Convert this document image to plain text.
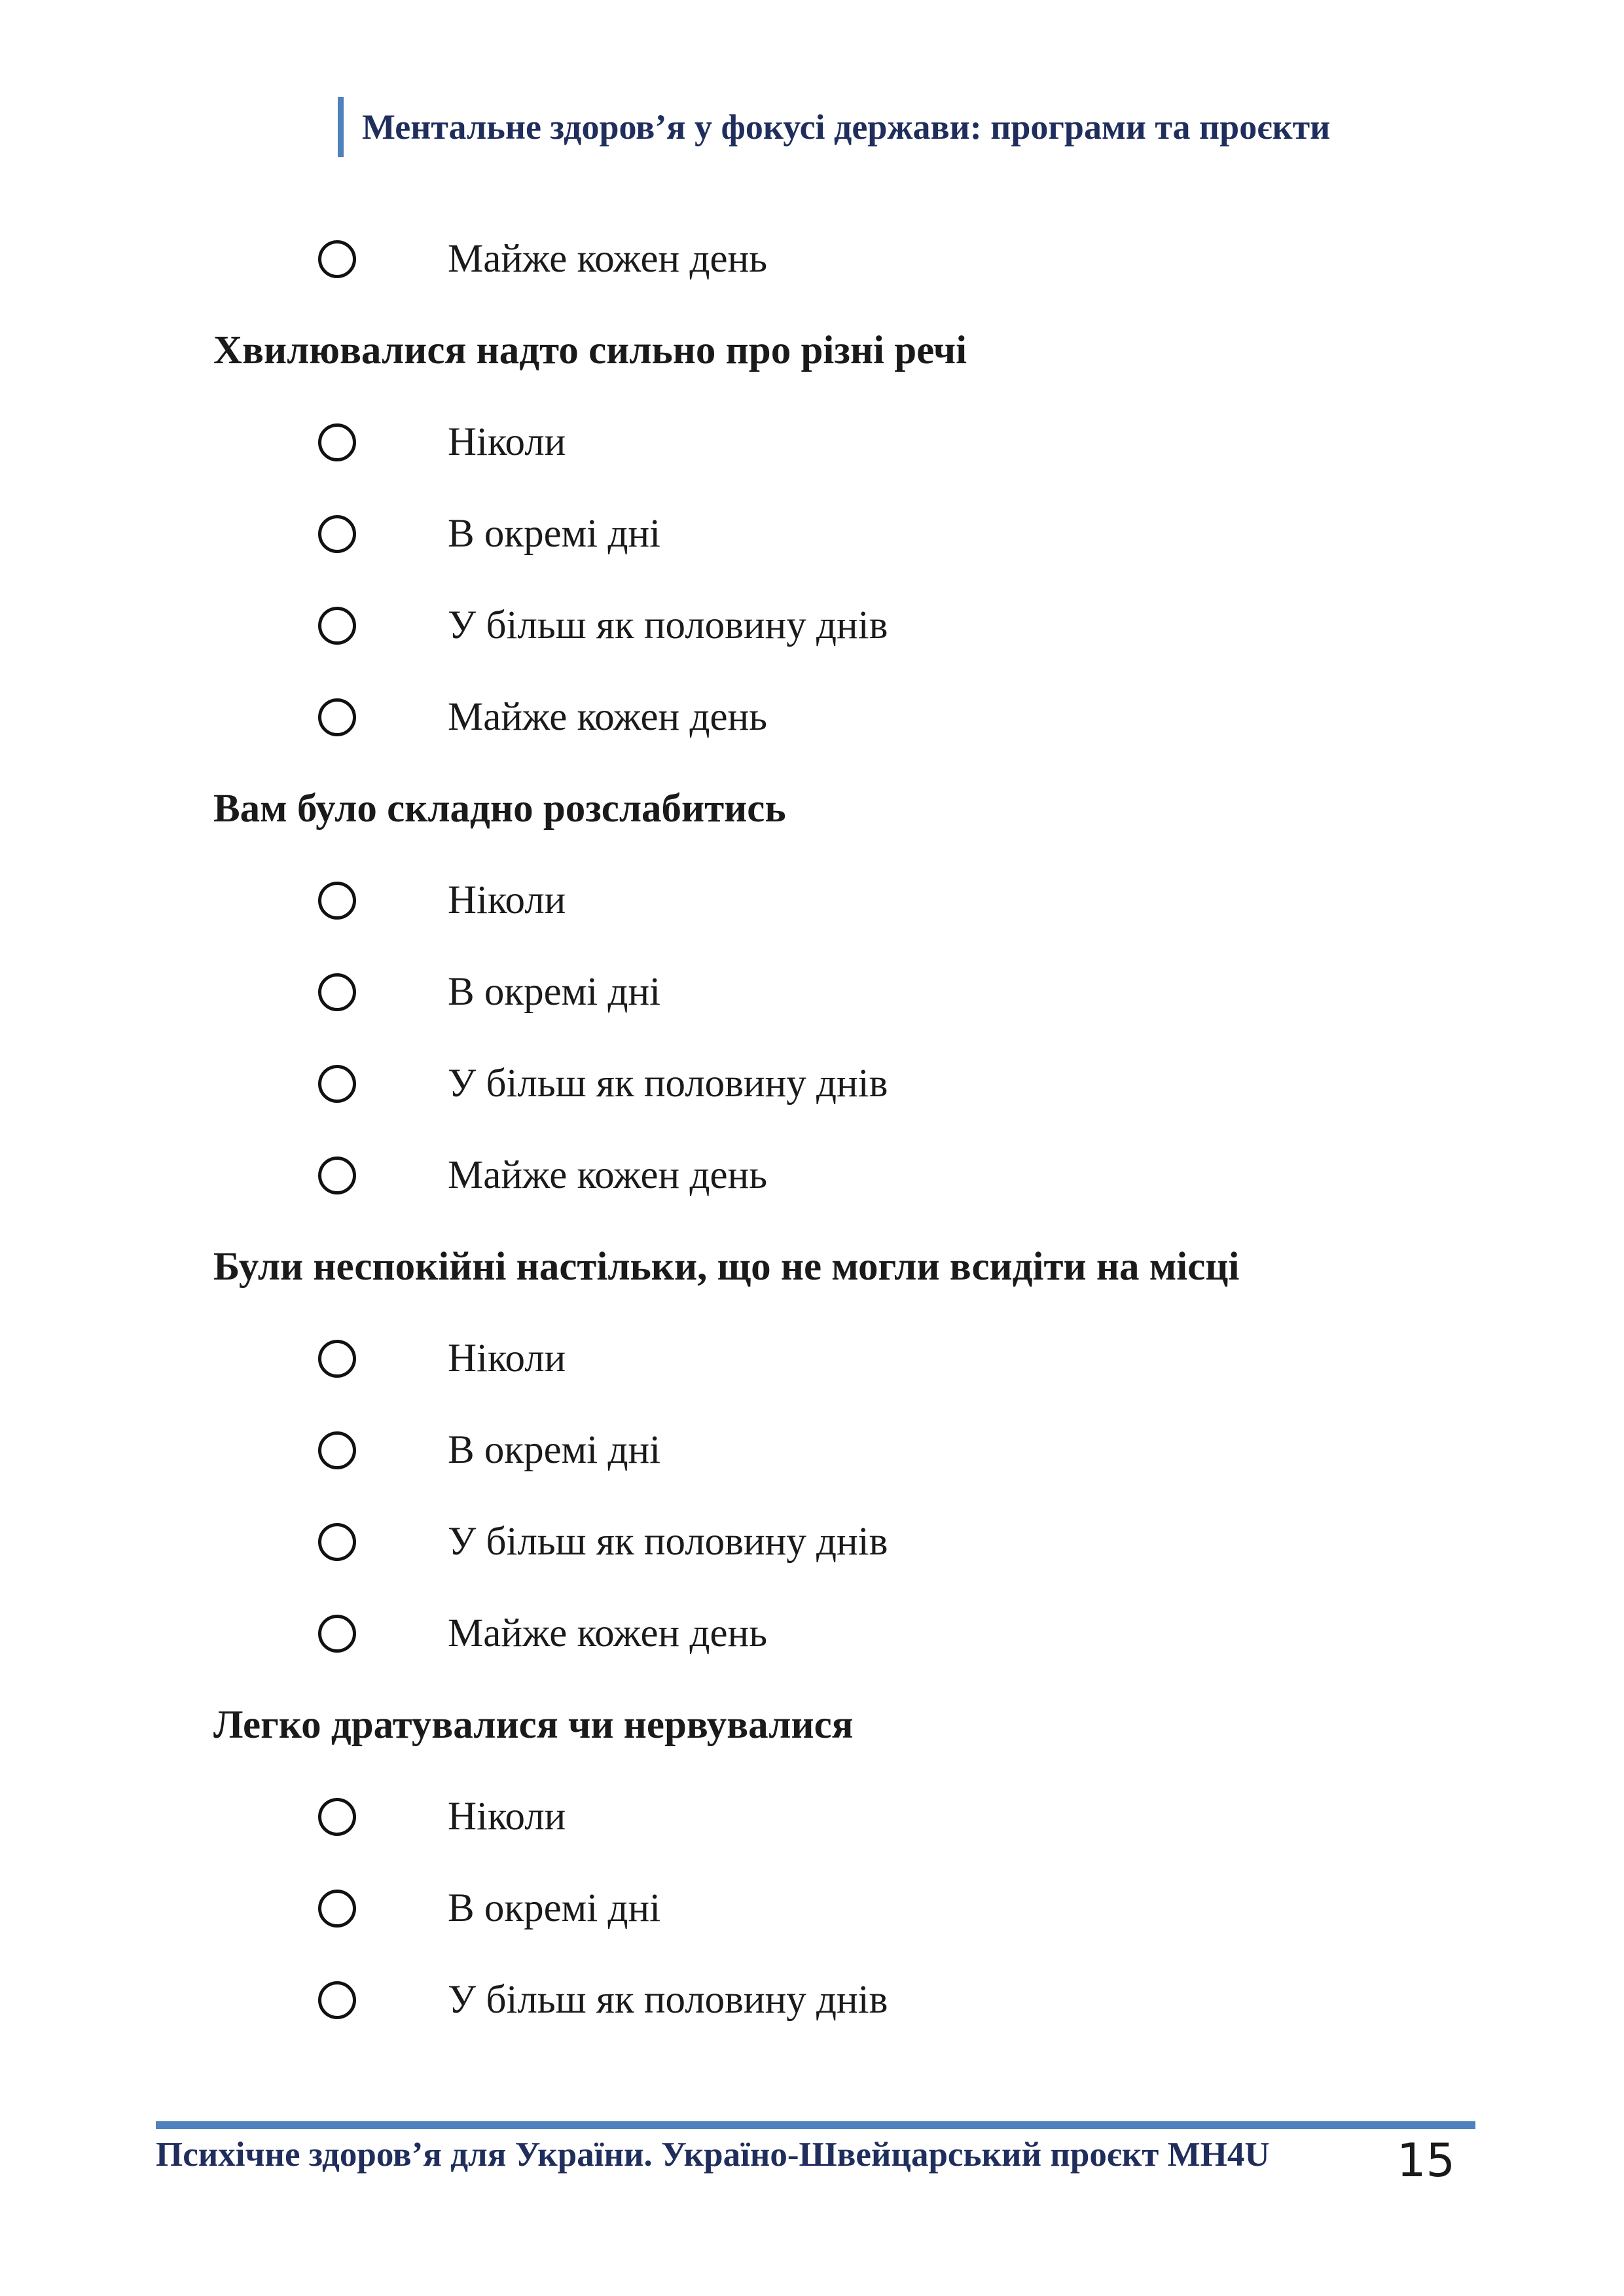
Ментальне здоров’я у фокусі держави: програми та проєкти
Майже кожен день
Хвилювалися надто сильно про різні речі
Ніколи
В окремі дні
У більш як половину днів
Майже кожен день
Вам було складно розслабитись
Ніколи
В окремі дні
У більш як половину днів
Майже кожен день
Були неспокійні настільки, що не могли всидіти на місці
Ніколи
В окремі дні
У більш як половину днів
Майже кожен день
Легко дратувалися чи нервувалися
Ніколи
В окремі дні
У більш як половину днів
Психічне здоров’я для України. Україно-Швейцарський проєкт MH4U	15
